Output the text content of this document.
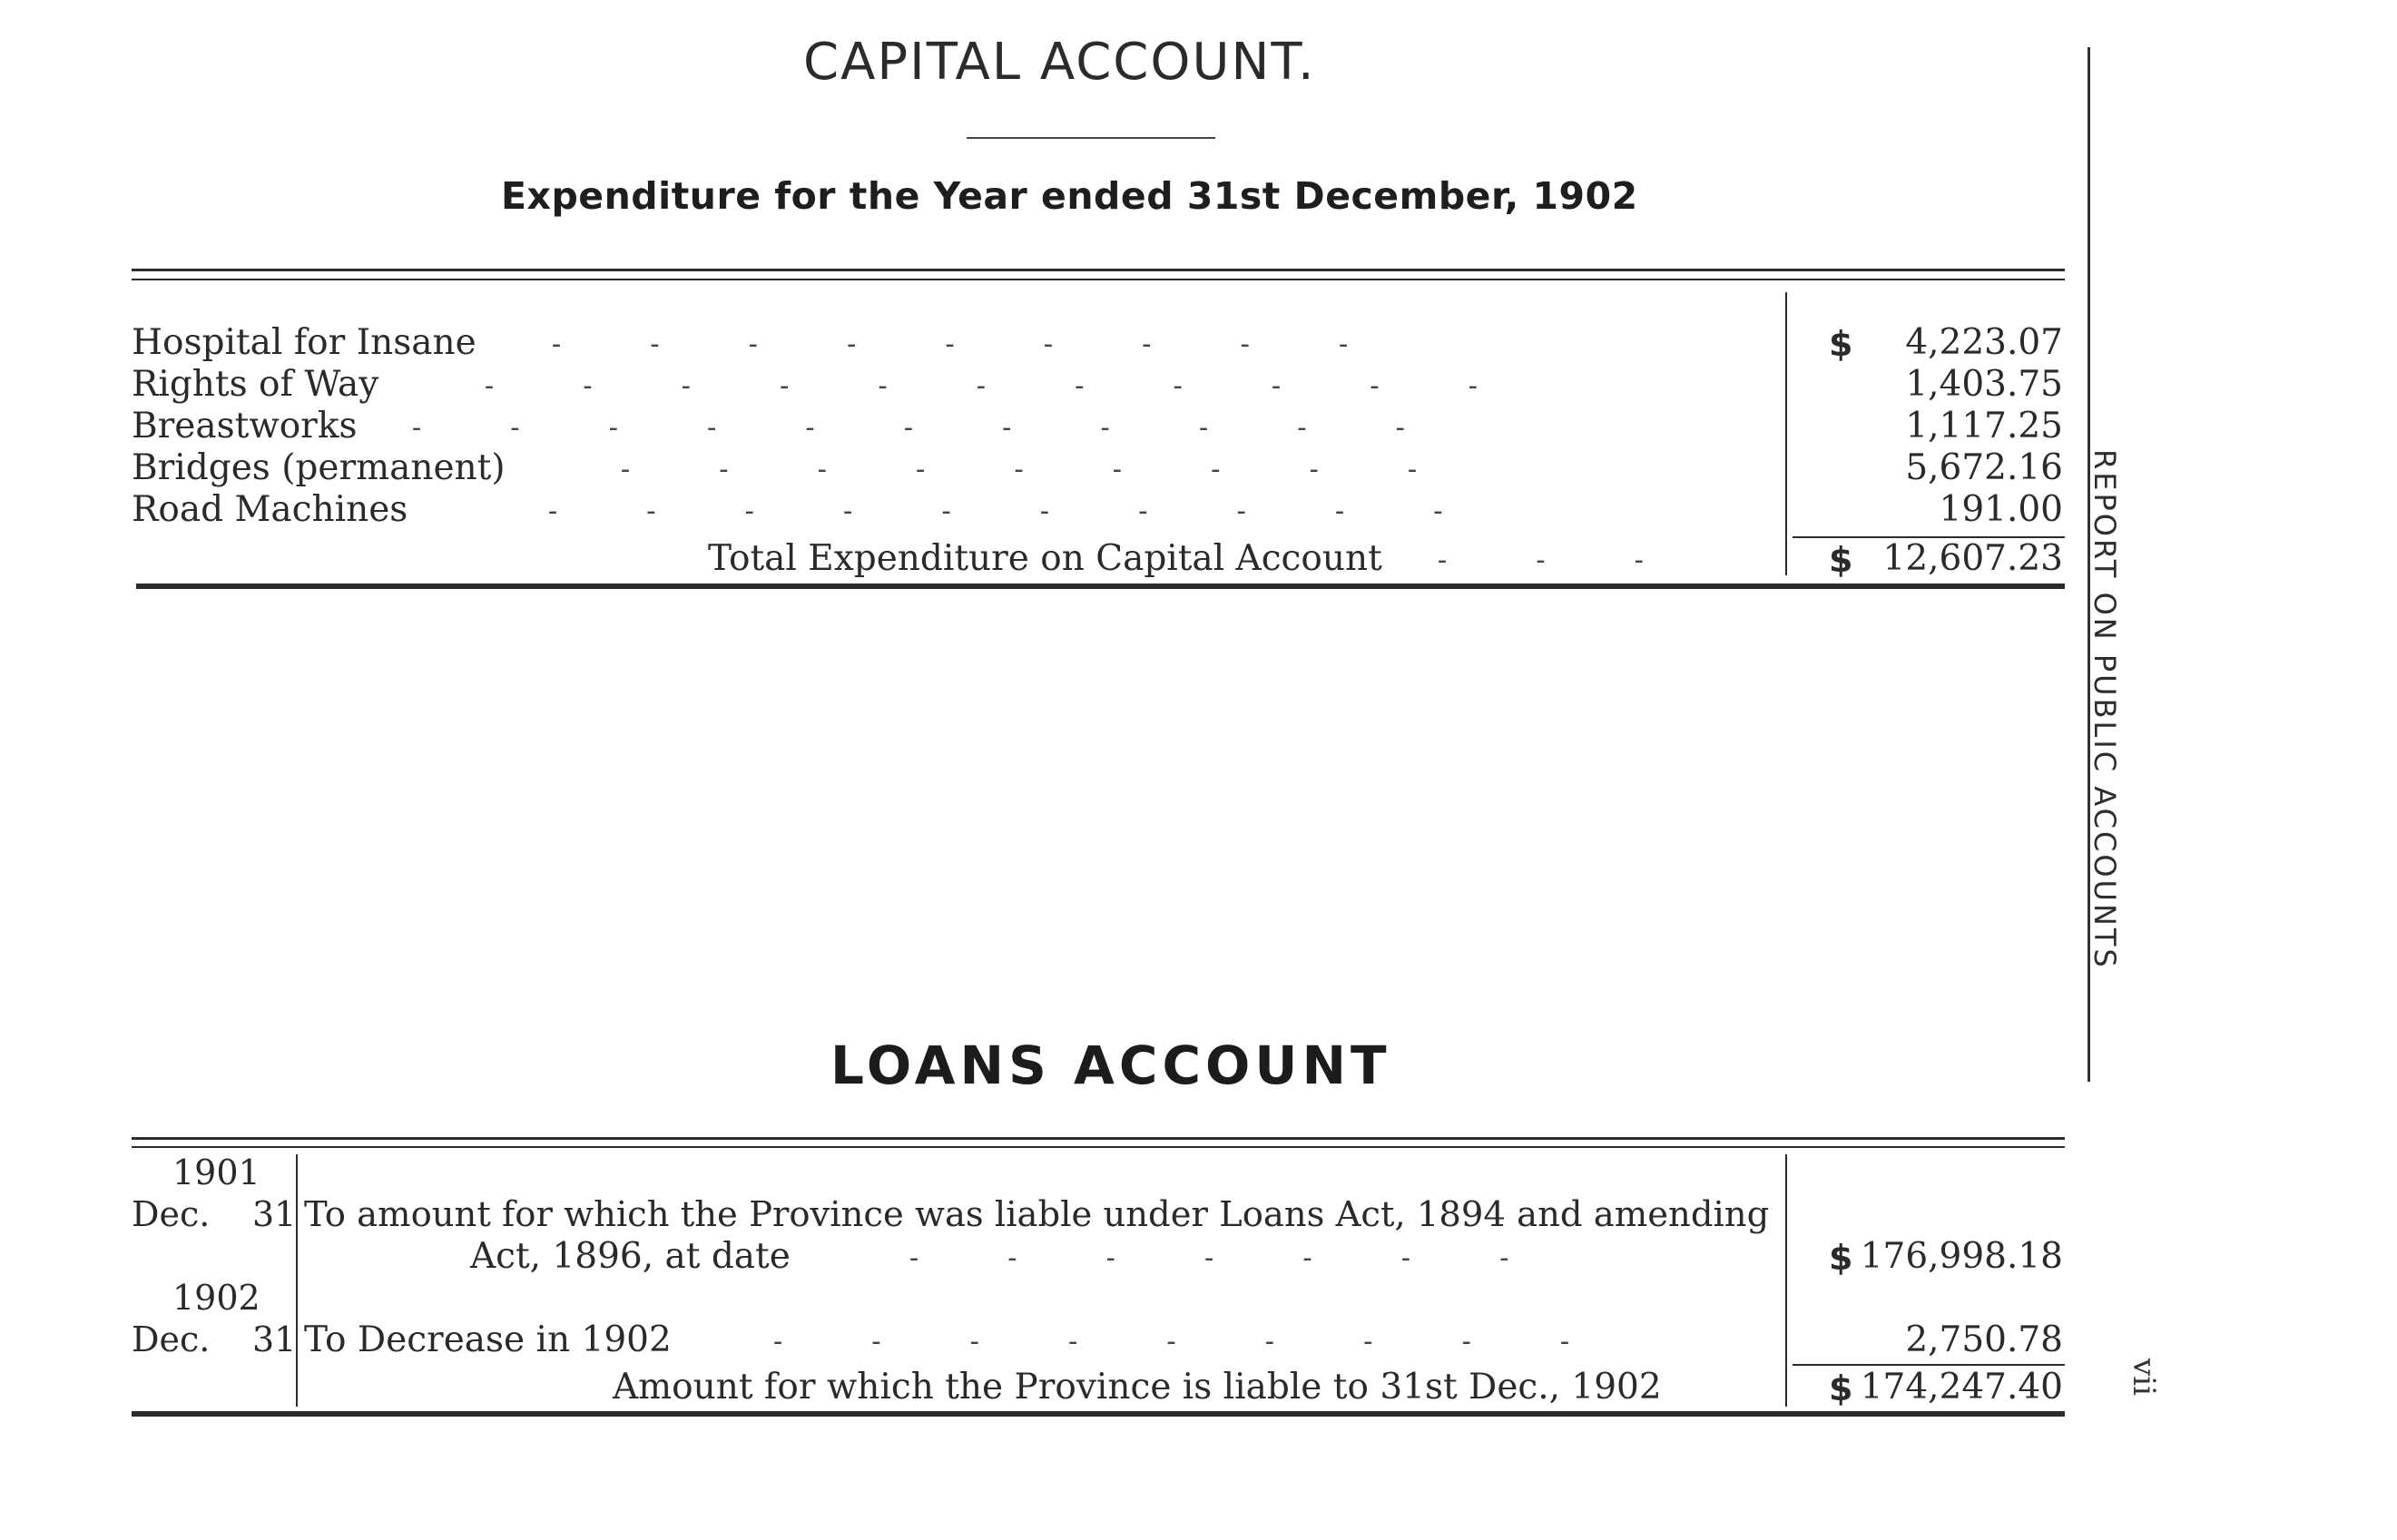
CAPITAL ACCOUNT.
Expenditure for the Year ended 31st December, 1902
Hospital for Insane	-     -     -     -     -     -     -     -     -	$	4,223.07
Rights of Way	-     -     -     -     -     -     -     -     -     -     -	1,403.75
Breastworks -     -     -     -     -     -     -     -     -     -     -	1,117.25
Bridges (permanent)	-     -     -     -     -     -     -     -     -	5,672.16
Road Machines	-     -     -     -     -     -     -     -     -     -	191.00
Total Expenditure on Capital Account -     -     -	$ 12,607.23
LOANS ACCOUNT
1901
Dec. 31 To amount for which the Province was liable under Loans Act, 1894 and amending
Act, 1896, at date	-     -     -     -     -     -     -	$ 176,998.18
1902
Dec. 31 To Decrease in 1902	-     -     -     -     -     -     -     -     -	2,750.78
Amount for which the Province is liable to 31st Dec., 1902	$ 174,247.40
REPORT ON PUBLIC ACCOUNTS
vii
